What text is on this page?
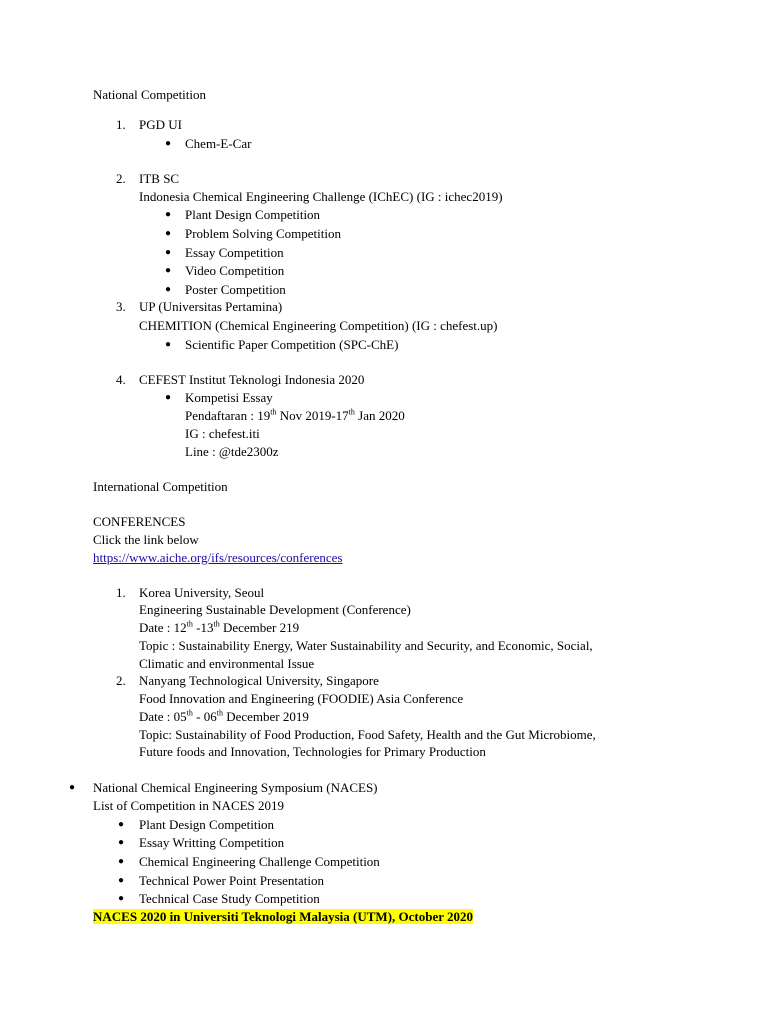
National Competition
1. PGD UI
● Chem-E-Car
2. ITB SC
Indonesia Chemical Engineering Challenge (IChEC) (IG : ichec2019)
● Plant Design Competition
● Problem Solving Competition
● Essay Competition
● Video Competition
● Poster Competition
3. UP (Universitas Pertamina)
CHEMITION (Chemical Engineering Competition) (IG : chefest.up)
● Scientific Paper Competition (SPC-ChE)
4. CEFEST Institut Teknologi Indonesia 2020
● Kompetisi Essay
Pendaftaran : 19th Nov 2019-17th Jan 2020
IG : chefest.iti
Line : @tde2300z
International Competition
CONFERENCES
Click the link below
https://www.aiche.org/ifs/resources/conferences
1. Korea University, Seoul
Engineering Sustainable Development (Conference)
Date : 12th -13th December 219
Topic : Sustainability Energy, Water Sustainability and Security, and Economic, Social,
Climatic and environmental Issue
2. Nanyang Technological University, Singapore
Food Innovation and Engineering (FOODIE) Asia Conference
Date : 05th - 06th December 2019
Topic: Sustainability of Food Production, Food Safety, Health and the Gut Microbiome,
Future foods and Innovation, Technologies for Primary Production
● National Chemical Engineering Symposium (NACES)
List of Competition in NACES 2019
● Plant Design Competition
● Essay Writting Competition
● Chemical Engineering Challenge Competition
● Technical Power Point Presentation
● Technical Case Study Competition
NACES 2020 in Universiti Teknologi Malaysia (UTM), October 2020
